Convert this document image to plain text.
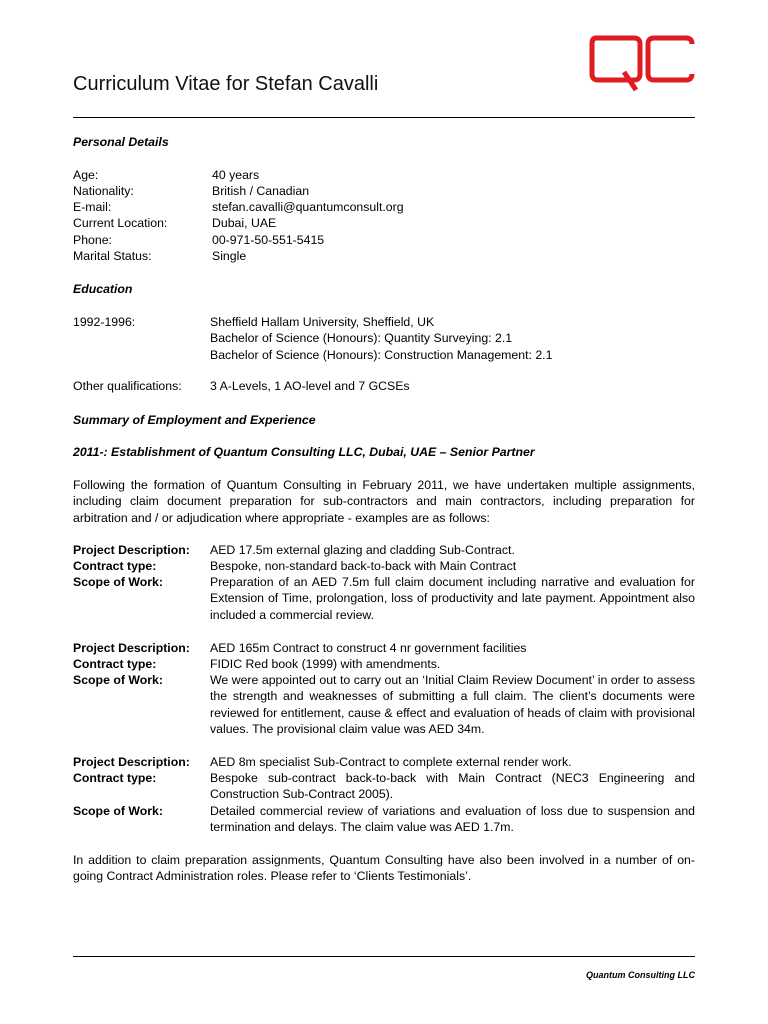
Curriculum Vitae for Stefan Cavalli
Personal Details
Age:	40 years
Nationality:	British / Canadian
E-mail:	stefan.cavalli@quantumconsult.org
Current Location:	Dubai, UAE
Phone:	00-971-50-551-5415
Marital Status:	Single
Education
1992-1996:	Sheffield Hallam University, Sheffield, UK
Bachelor of Science (Honours): Quantity Surveying: 2.1
Bachelor of Science (Honours): Construction Management: 2.1
Other qualifications: 3 A-Levels, 1 AO-level and 7 GCSEs
Summary of Employment and Experience
2011-: Establishment of Quantum Consulting LLC, Dubai, UAE – Senior Partner
Following the formation of Quantum Consulting in February 2011, we have undertaken multiple assignments, including claim document preparation for sub-contractors and main contractors, including preparation for arbitration and / or adjudication where appropriate - examples are as follows:
Project Description: AED 17.5m external glazing and cladding Sub-Contract.
Contract type:	Bespoke, non-standard back-to-back with Main Contract
Scope of Work:	Preparation of an AED 7.5m full claim document including narrative and evaluation for Extension of Time, prolongation, loss of productivity and late payment. Appointment also included a commercial review.
Project Description: AED 165m Contract to construct 4 nr government facilities
Contract type:	FIDIC Red book (1999) with amendments.
Scope of Work:	We were appointed out to carry out an ‘Initial Claim Review Document’ in order to assess the strength and weaknesses of submitting a full claim. The client’s documents were reviewed for entitlement, cause & effect and evaluation of heads of claim with provisional values. The provisional claim value was AED 34m.
Project Description: AED 8m specialist Sub-Contract to complete external render work.
Contract type:	Bespoke sub-contract back-to-back with Main Contract (NEC3 Engineering and Construction Sub-Contract 2005).
Scope of Work:	Detailed commercial review of variations and evaluation of loss due to suspension and termination and delays. The claim value was AED 1.7m.
In addition to claim preparation assignments, Quantum Consulting have also been involved in a number of on-going Contract Administration roles. Please refer to ‘Clients Testimonials’.
Quantum Consulting LLC
